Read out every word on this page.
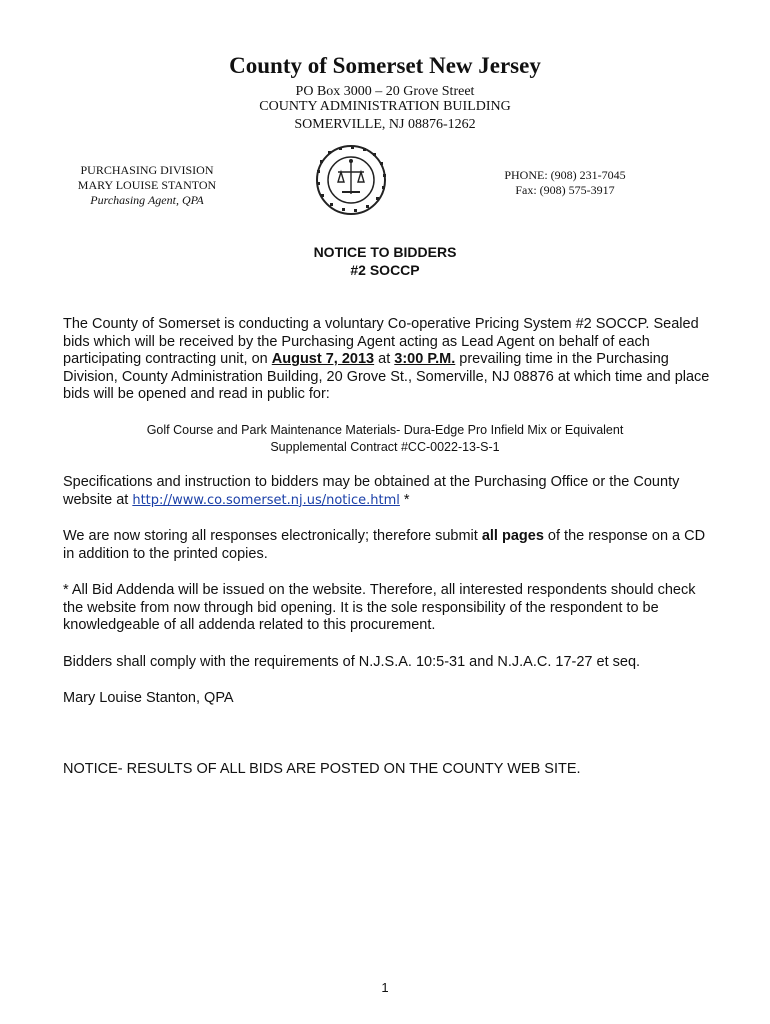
County of Somerset New Jersey
PO Box 3000 – 20 Grove Street
COUNTY ADMINISTRATION BUILDING
SOMERVILLE, NJ 08876-1262
PURCHASING DIVISION
MARY LOUISE STANTON
Purchasing Agent, QPA
PHONE: (908) 231-7045
Fax: (908) 575-3917
NOTICE TO BIDDERS
#2 SOCCP
The County of Somerset is conducting a voluntary Co-operative Pricing System #2 SOCCP. Sealed bids which will be received by the Purchasing Agent acting as Lead Agent on behalf of each participating contracting unit, on August 7, 2013 at 3:00 P.M. prevailing time in the Purchasing Division, County Administration Building, 20 Grove St., Somerville, NJ 08876 at which time and place bids will be opened and read in public for:
Golf Course and Park Maintenance Materials- Dura-Edge Pro Infield Mix or Equivalent
Supplemental Contract #CC-0022-13-S-1
Specifications and instruction to bidders may be obtained at the Purchasing Office or the County website at http://www.co.somerset.nj.us/notice.html *
We are now storing all responses electronically; therefore submit all pages of the response on a CD in addition to the printed copies.
* All Bid Addenda will be issued on the website. Therefore, all interested respondents should check the website from now through bid opening. It is the sole responsibility of the respondent to be knowledgeable of all addenda related to this procurement.
Bidders shall comply with the requirements of N.J.S.A. 10:5-31 and N.J.A.C. 17-27 et seq.
Mary Louise Stanton, QPA
NOTICE- RESULTS OF ALL BIDS ARE POSTED ON THE COUNTY WEB SITE.
1
